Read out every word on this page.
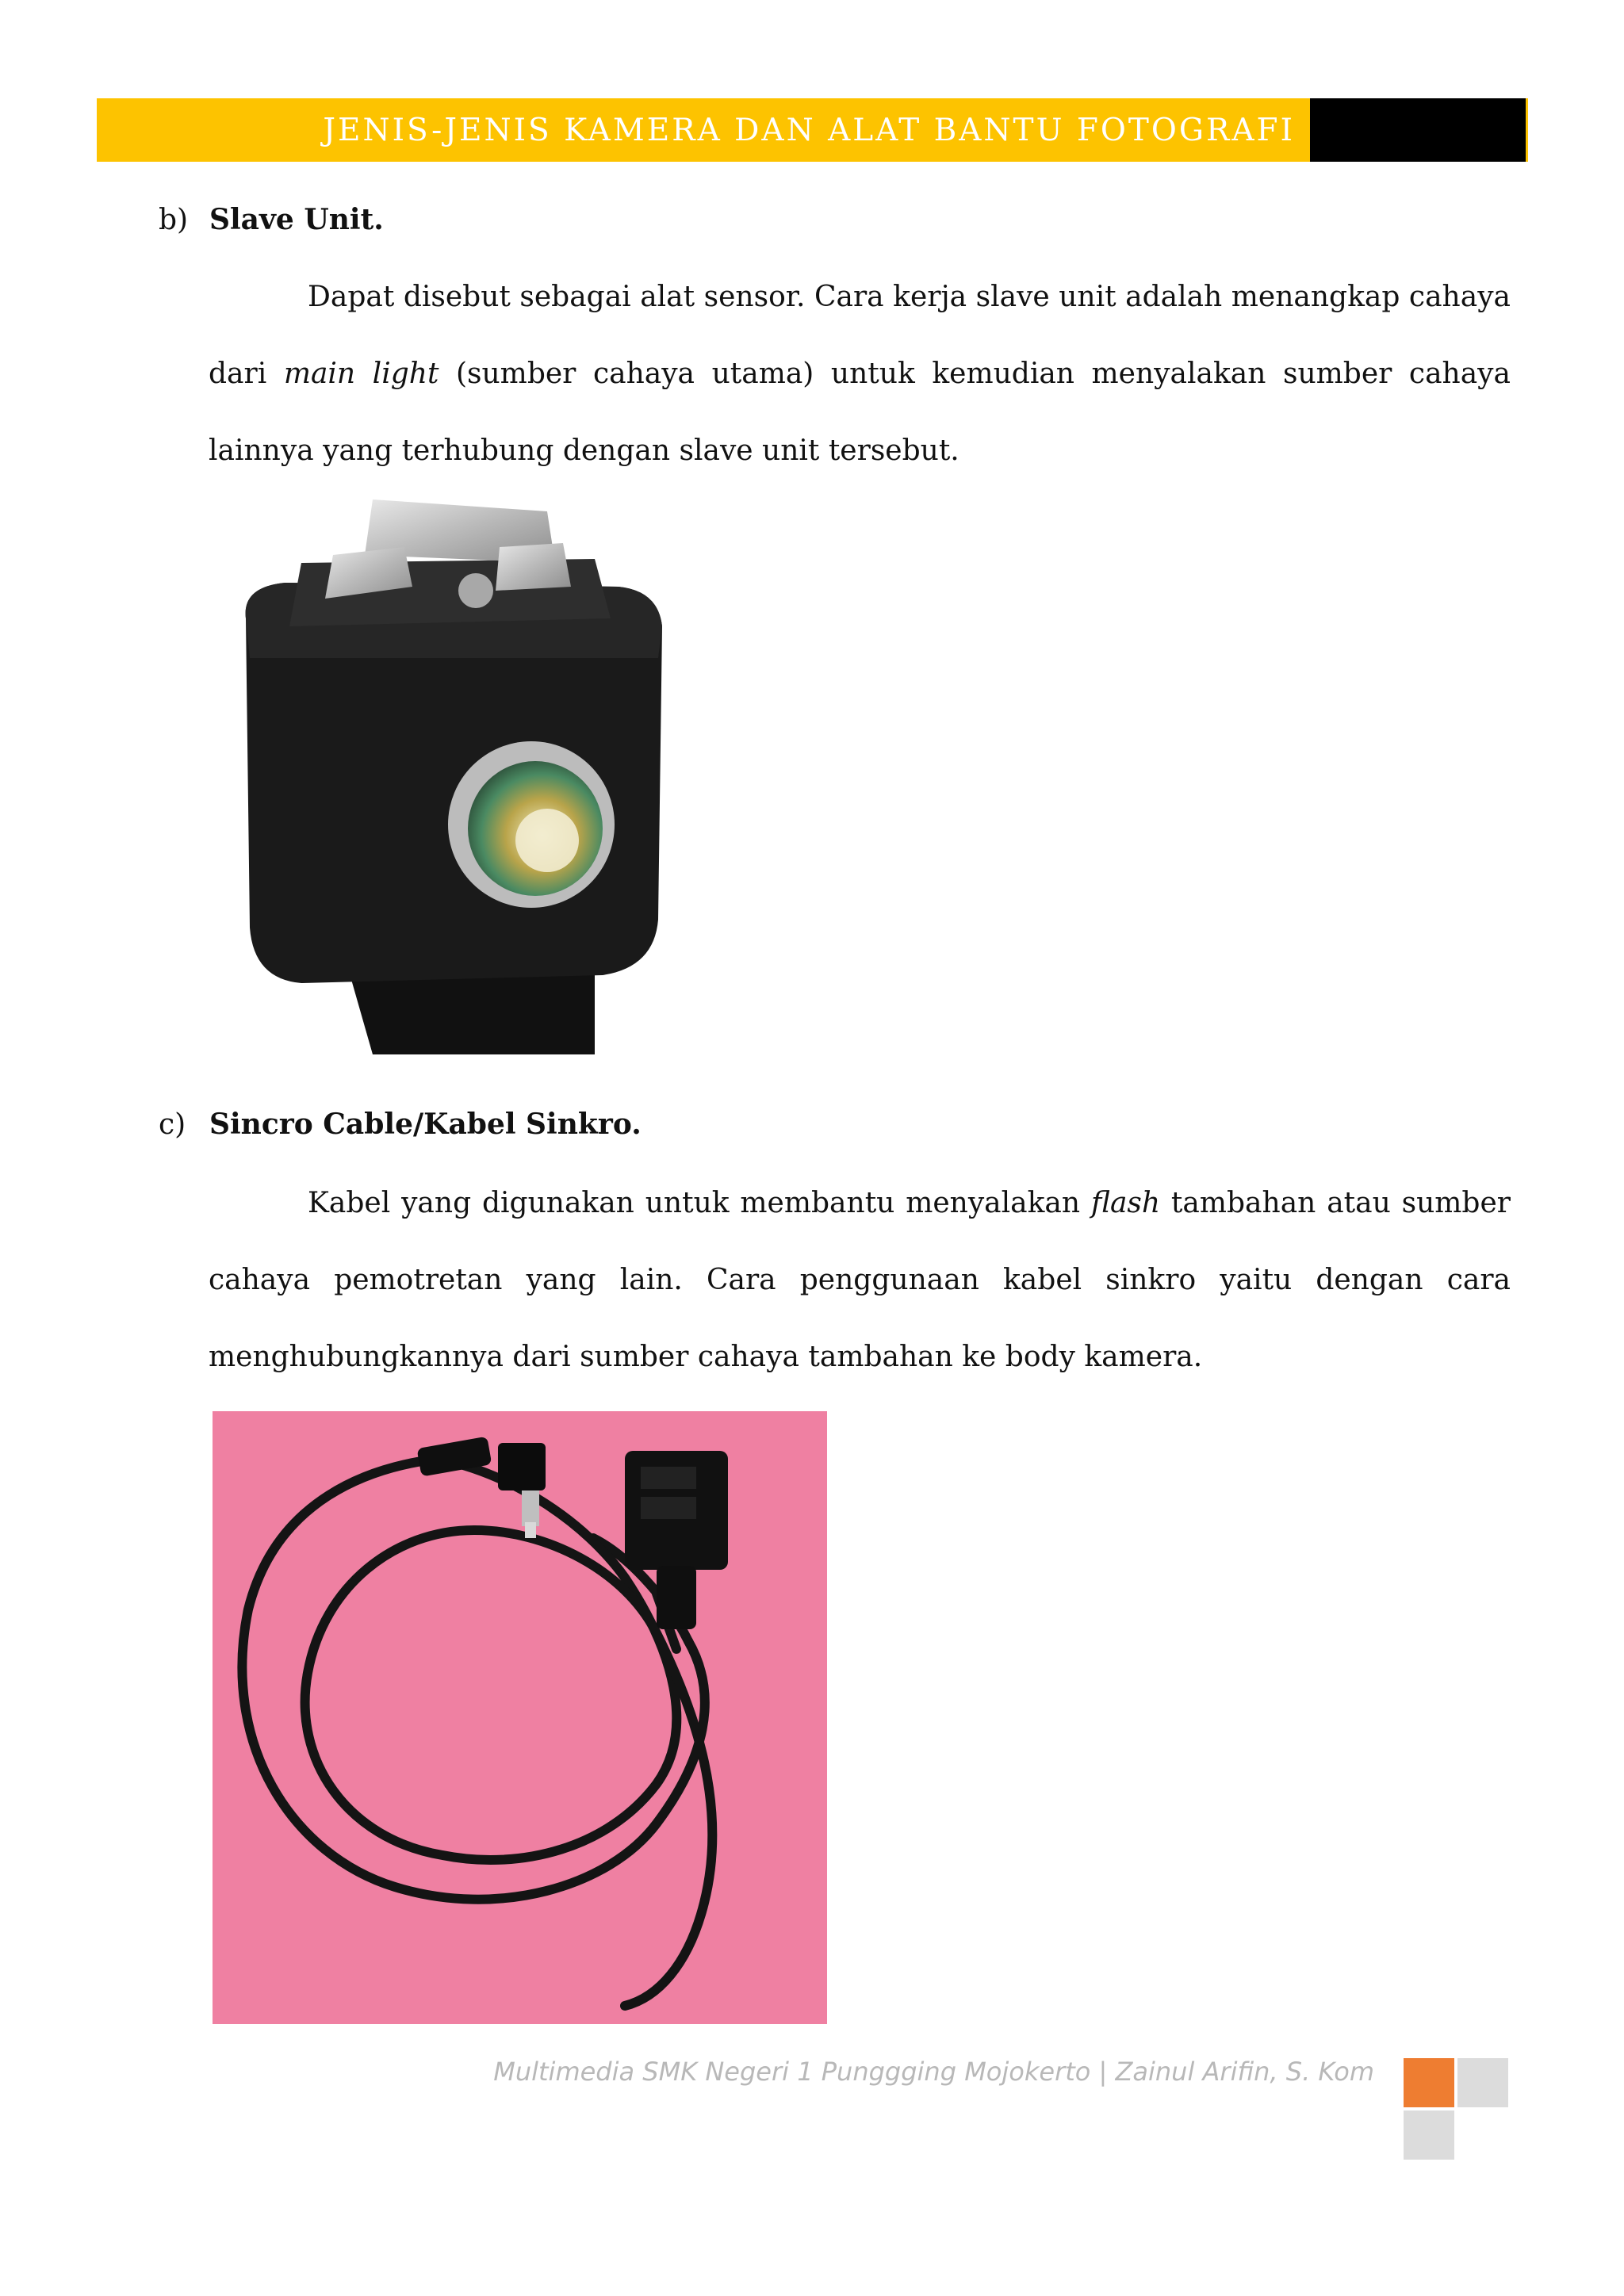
JENIS-JENIS KAMERA DAN ALAT BANTU FOTOGRAFI
b) Slave Unit.
Dapat disebut sebagai alat sensor. Cara kerja slave unit adalah menangkap cahaya dari main light (sumber cahaya utama) untuk kemudian menyalakan sumber cahaya lainnya yang terhubung dengan slave unit tersebut.
c) Sincro Cable/Kabel Sinkro.
Kabel yang digunakan untuk membantu menyalakan flash tambahan atau sumber cahaya pemotretan yang lain. Cara penggunaan kabel sinkro yaitu dengan cara menghubungkannya dari sumber cahaya tambahan ke body kamera.
Multimedia SMK Negeri 1 Punggging Mojokerto | Zainul Arifin, S. Kom
